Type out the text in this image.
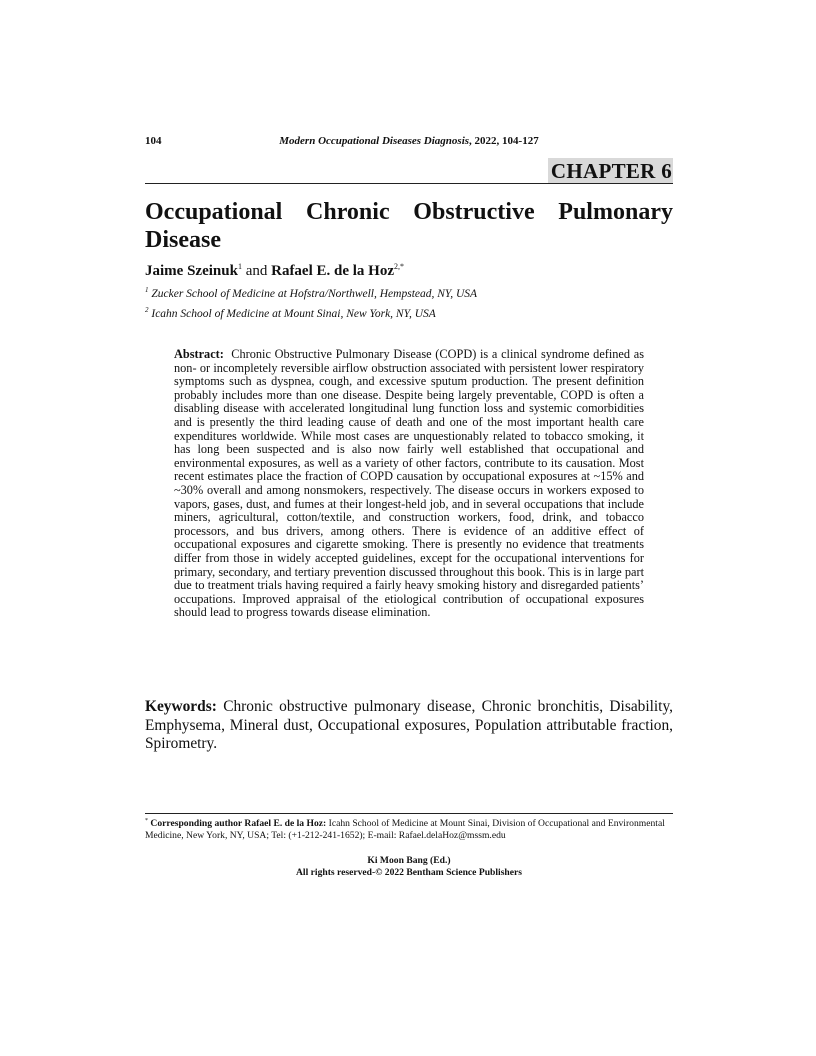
104	Modern Occupational Diseases Diagnosis, 2022, 104-127
CHAPTER 6
Occupational Chronic Obstructive Pulmonary
Disease
Jaime Szeinuk$^1$ and Rafael E. de la Hoz$^{2,*}$
$^1$ Zucker School of Medicine at Hofstra/Northwell, Hempstead, NY, USA
$^2$ Icahn School of Medicine at Mount Sinai, New York, NY, USA
Abstract: Chronic Obstructive Pulmonary Disease (COPD) is a clinical syndrome defined as non- or incompletely reversible airflow obstruction associated with persistent lower respiratory symptoms such as dyspnea, cough, and excessive sputum production. The present definition probably includes more than one disease. Despite being largely preventable, COPD is often a disabling disease with accelerated longitudinal lung function loss and systemic comorbidities and is presently the third leading cause of death and one of the most important health care expenditures worldwide. While most cases are unquestionably related to tobacco smoking, it has long been suspected and is also now fairly well established that occupational and environmental exposures, as well as a variety of other factors, contribute to its causation. Most recent estimates place the fraction of COPD causation by occupational exposures at ~15% and ~30% overall and among nonsmokers, respectively. The disease occurs in workers exposed to vapors, gases, dust, and fumes at their longest-held job, and in several occupations that include miners, agricultural, cotton/textile, and construction workers, food, drink, and tobacco processors, and bus drivers, among others. There is evidence of an additive effect of occupational exposures and cigarette smoking. There is presently no evidence that treatments differ from those in widely accepted guidelines, except for the occupational interventions for primary, secondary, and tertiary prevention discussed throughout this book. This is in large part due to treatment trials having required a fairly heavy smoking history and disregarded patients’ occupations. Improved appraisal of the etiological contribution of occupational exposures should lead to progress towards disease elimination.
Keywords: Chronic obstructive pulmonary disease, Chronic bronchitis, Disability, Emphysema, Mineral dust, Occupational exposures, Population attributable fraction, Spirometry.
* Corresponding author Rafael E. de la Hoz: Icahn School of Medicine at Mount Sinai, Division of Occupational and Environmental Medicine, New York, NY, USA; Tel: (+1-212-241-1652); E-mail: Rafael.delaHoz@mssm.edu
Ki Moon Bang (Ed.)
All rights reserved-© 2022 Bentham Science Publishers
